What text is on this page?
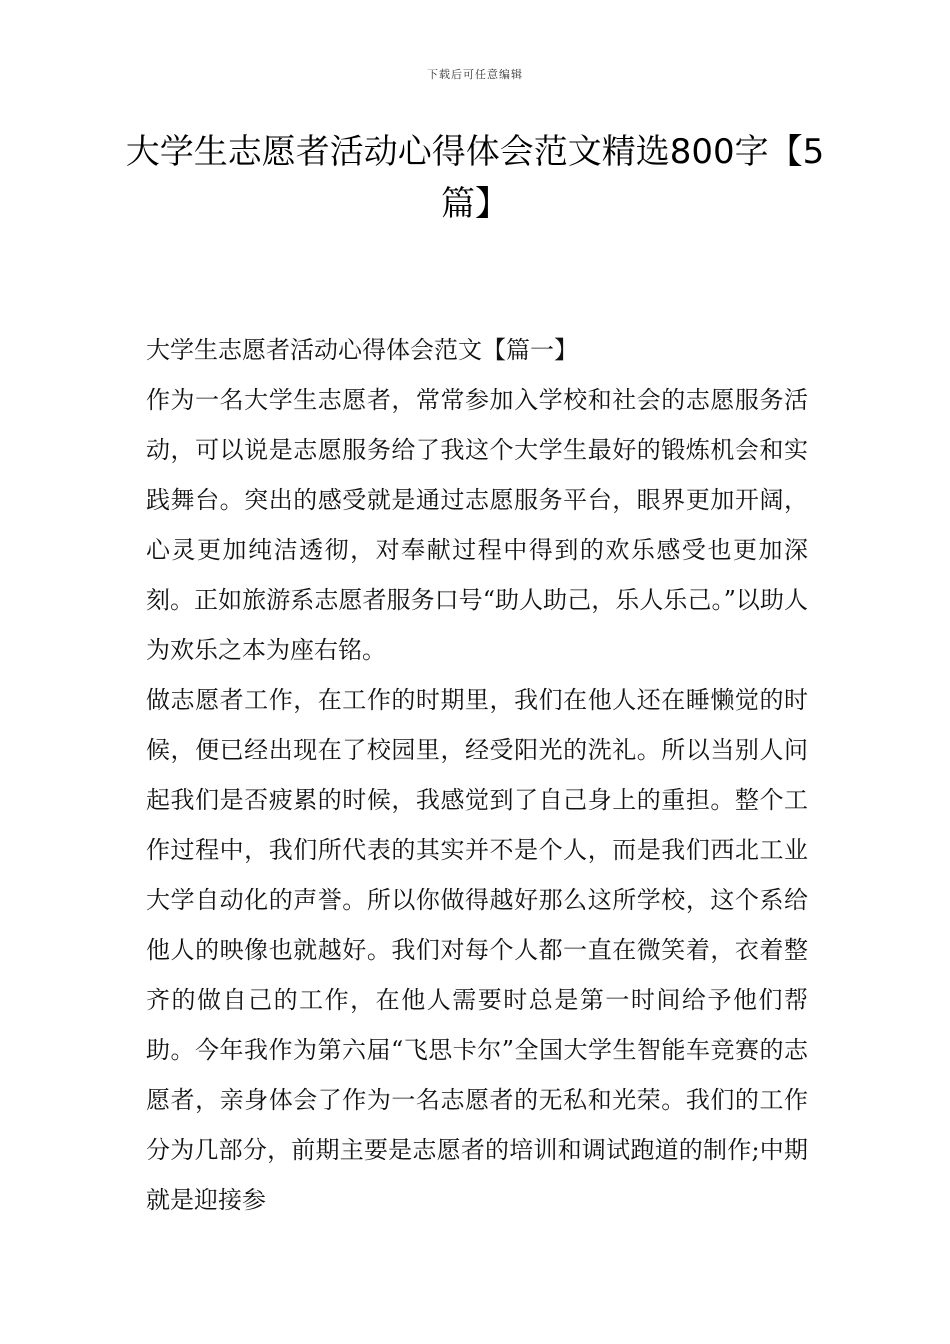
下载后可任意编辑
大学生志愿者活动心得体会范文精选800字【5篇】

大学生志愿者活动心得体会范文【篇一】

作为一名大学生志愿者，常常参加入学校和社会的志愿服务活动，可以说是志愿服务给了我这个大学生最好的锻炼机会和实践舞台。突出的感受就是通过志愿服务平台，眼界更加开阔，心灵更加纯洁透彻，对奉献过程中得到的欢乐感受也更加深刻。正如旅游系志愿者服务口号“助人助己，乐人乐己。”以助人为欢乐之本为座右铭。

做志愿者工作，在工作的时期里，我们在他人还在睡懒觉的时候，便已经出现在了校园里，经受阳光的洗礼。所以当别人问起我们是否疲累的时候，我感觉到了自己身上的重担。整个工作过程中，我们所代表的其实并不是个人，而是我们西北工业大学自动化的声誉。所以你做得越好那么这所学校，这个系给他人的映像也就越好。我们对每个人都一直在微笑着，衣着整齐的做自己的工作，在他人需要时总是第一时间给予他们帮助。今年我作为第六届“飞思卡尔”全国大学生智能车竞赛的志愿者，亲身体会了作为一名志愿者的无私和光荣。我们的工作分为几部分，前期主要是志愿者的培训和调试跑道的制作;中期就是迎接参
